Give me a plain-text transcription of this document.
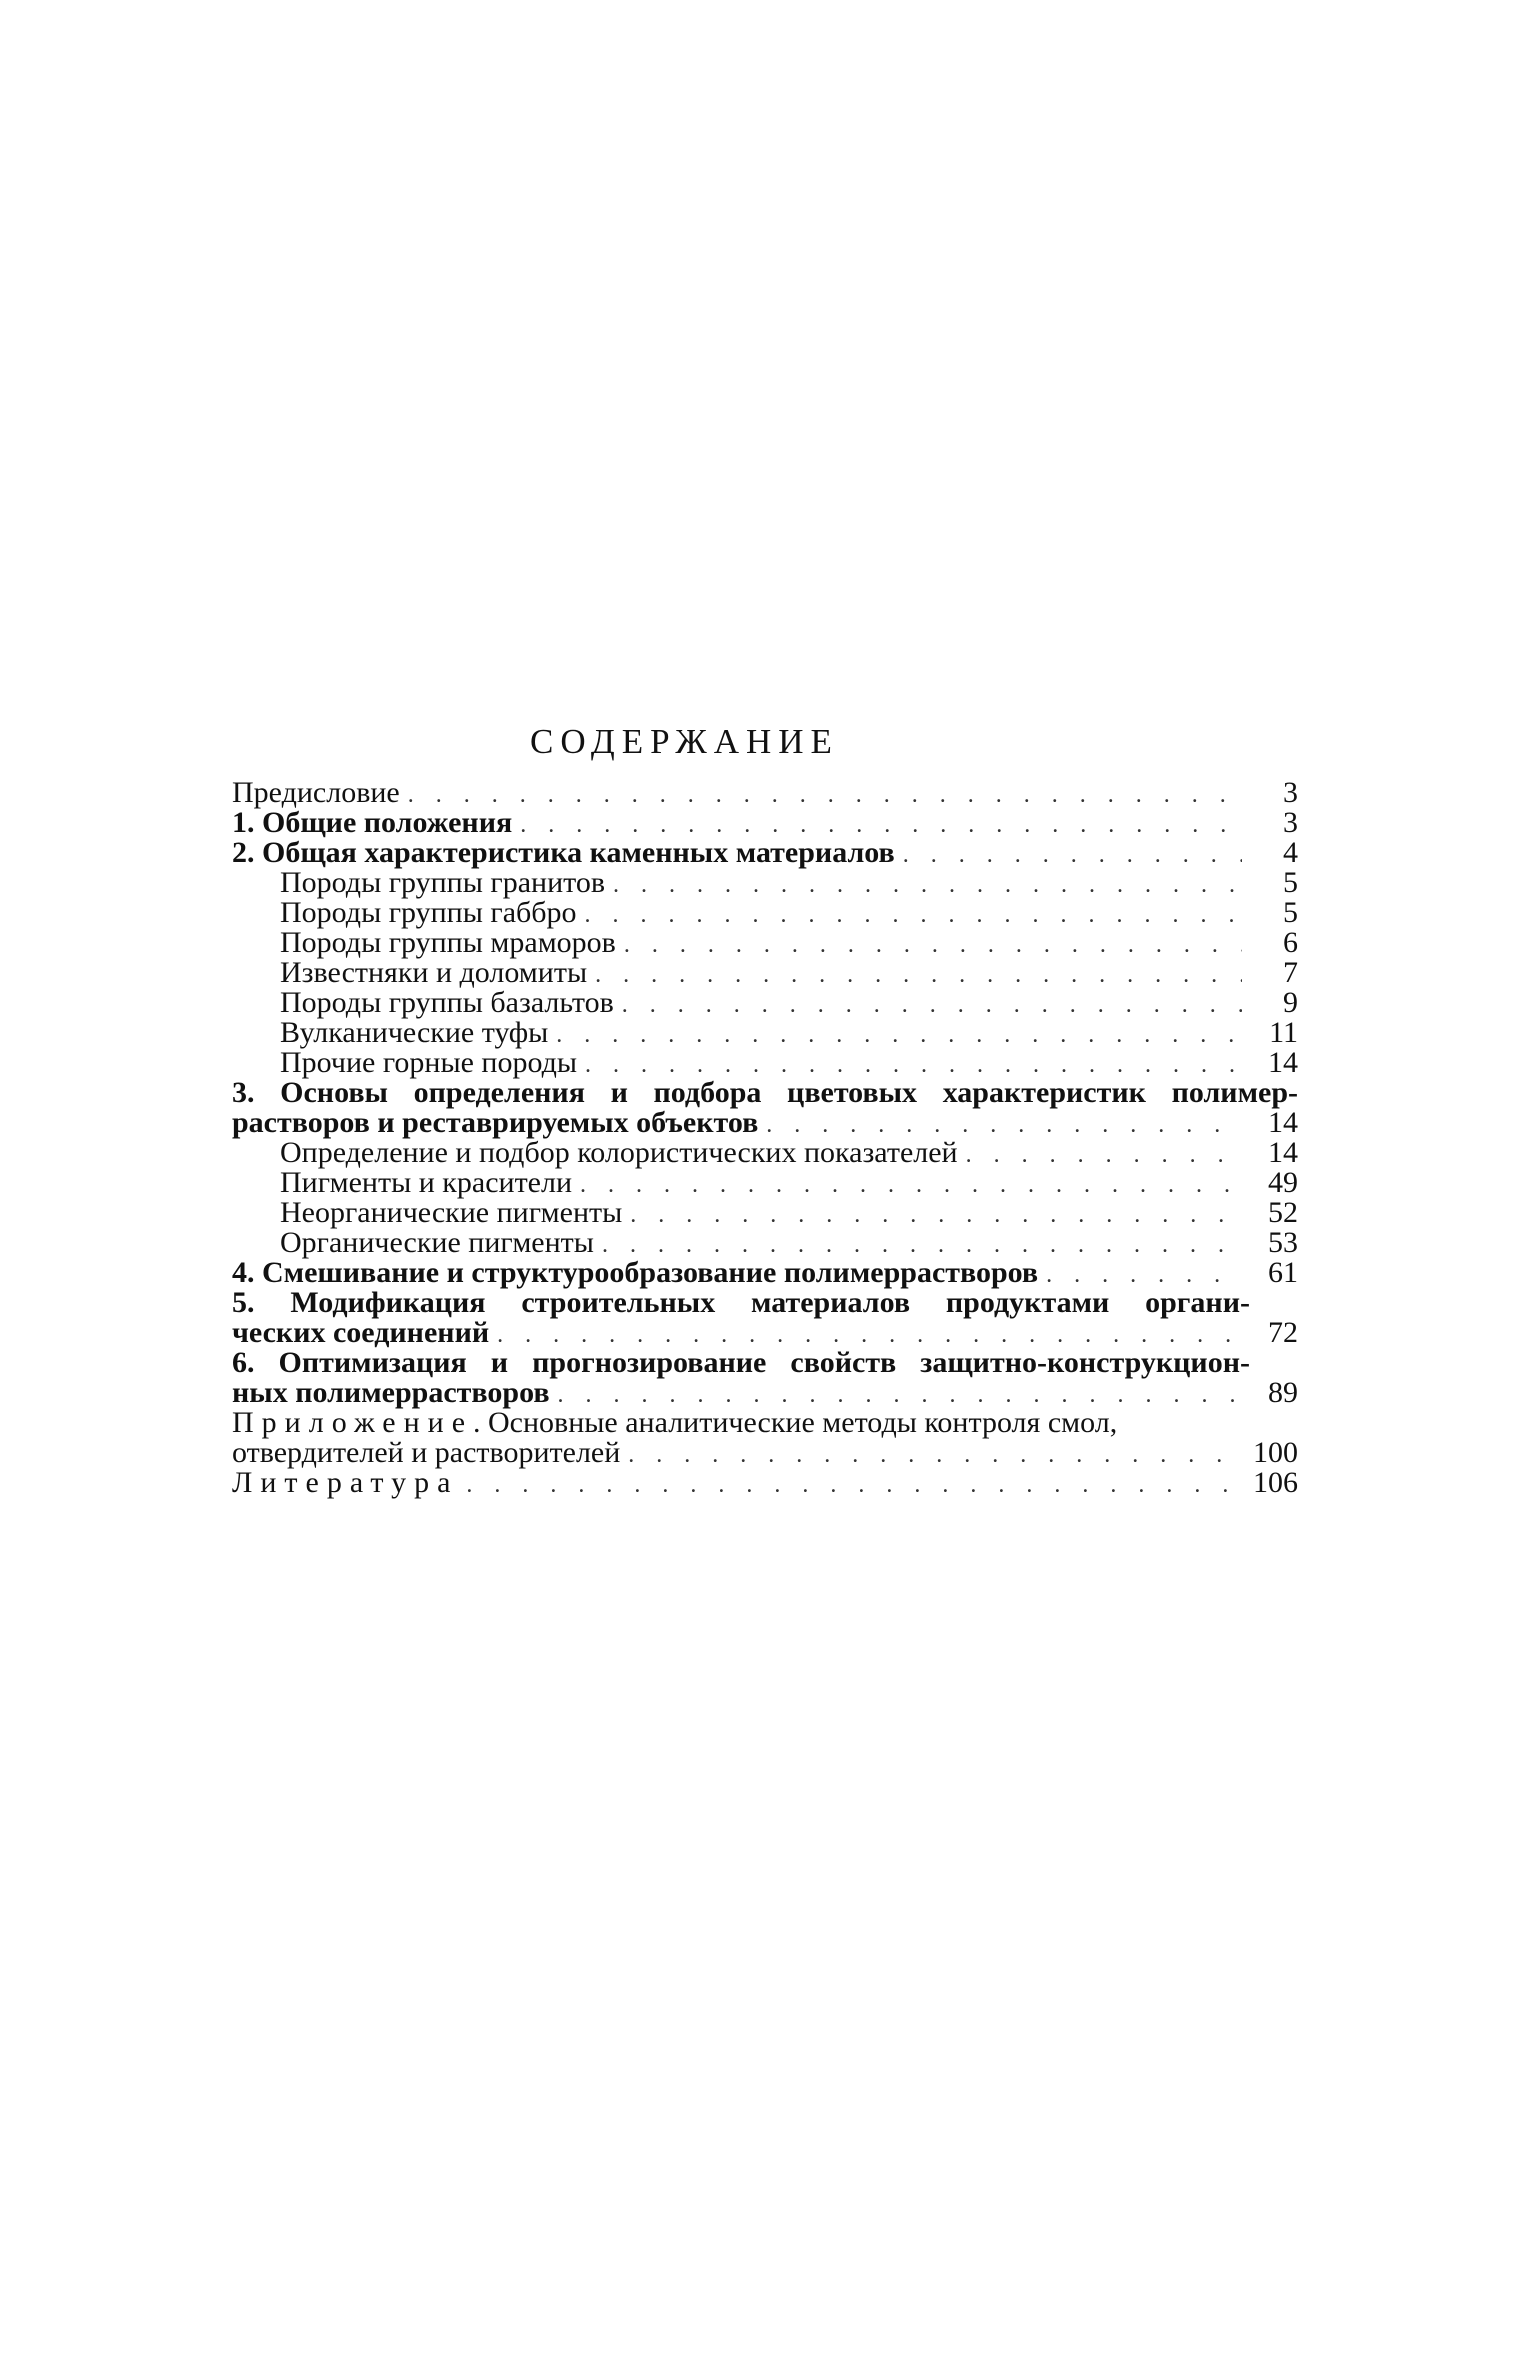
СОДЕРЖАНИЕ
Предисловие . . .	3
1. Общие положения . . .	3
2. Общая характеристика каменных материалов . . .	4
Породы группы гранитов . . .	5
Породы группы габбро . . .	5
Породы группы мраморов . . .	6
Известняки и доломиты . . .	7
Породы группы базальтов . . .	9
Вулканические туфы . . .	11
Прочие горные породы . . .	14
3. Основы определения и подбора цветовых характеристик полимер-
растворов и реставрируемых объектов . . .	14
Определение и подбор колористических показателей . . .	14
Пигменты и красители . . .	49
Неорганические пигменты . . .	52
Органические пигменты . . .	53
4. Смешивание и структурообразование полимеррастворов . . .	61
5. Модификация строительных материалов продуктами органи-
ческих соединений . . .	72
6. Оптимизация и прогнозирование свойств защитно-конструкцион-
ных полимеррастворов . . .	89
Приложение. Основные аналитические методы контроля смол,
отвердителей и растворителей . . .	100
Литература . . .	106
